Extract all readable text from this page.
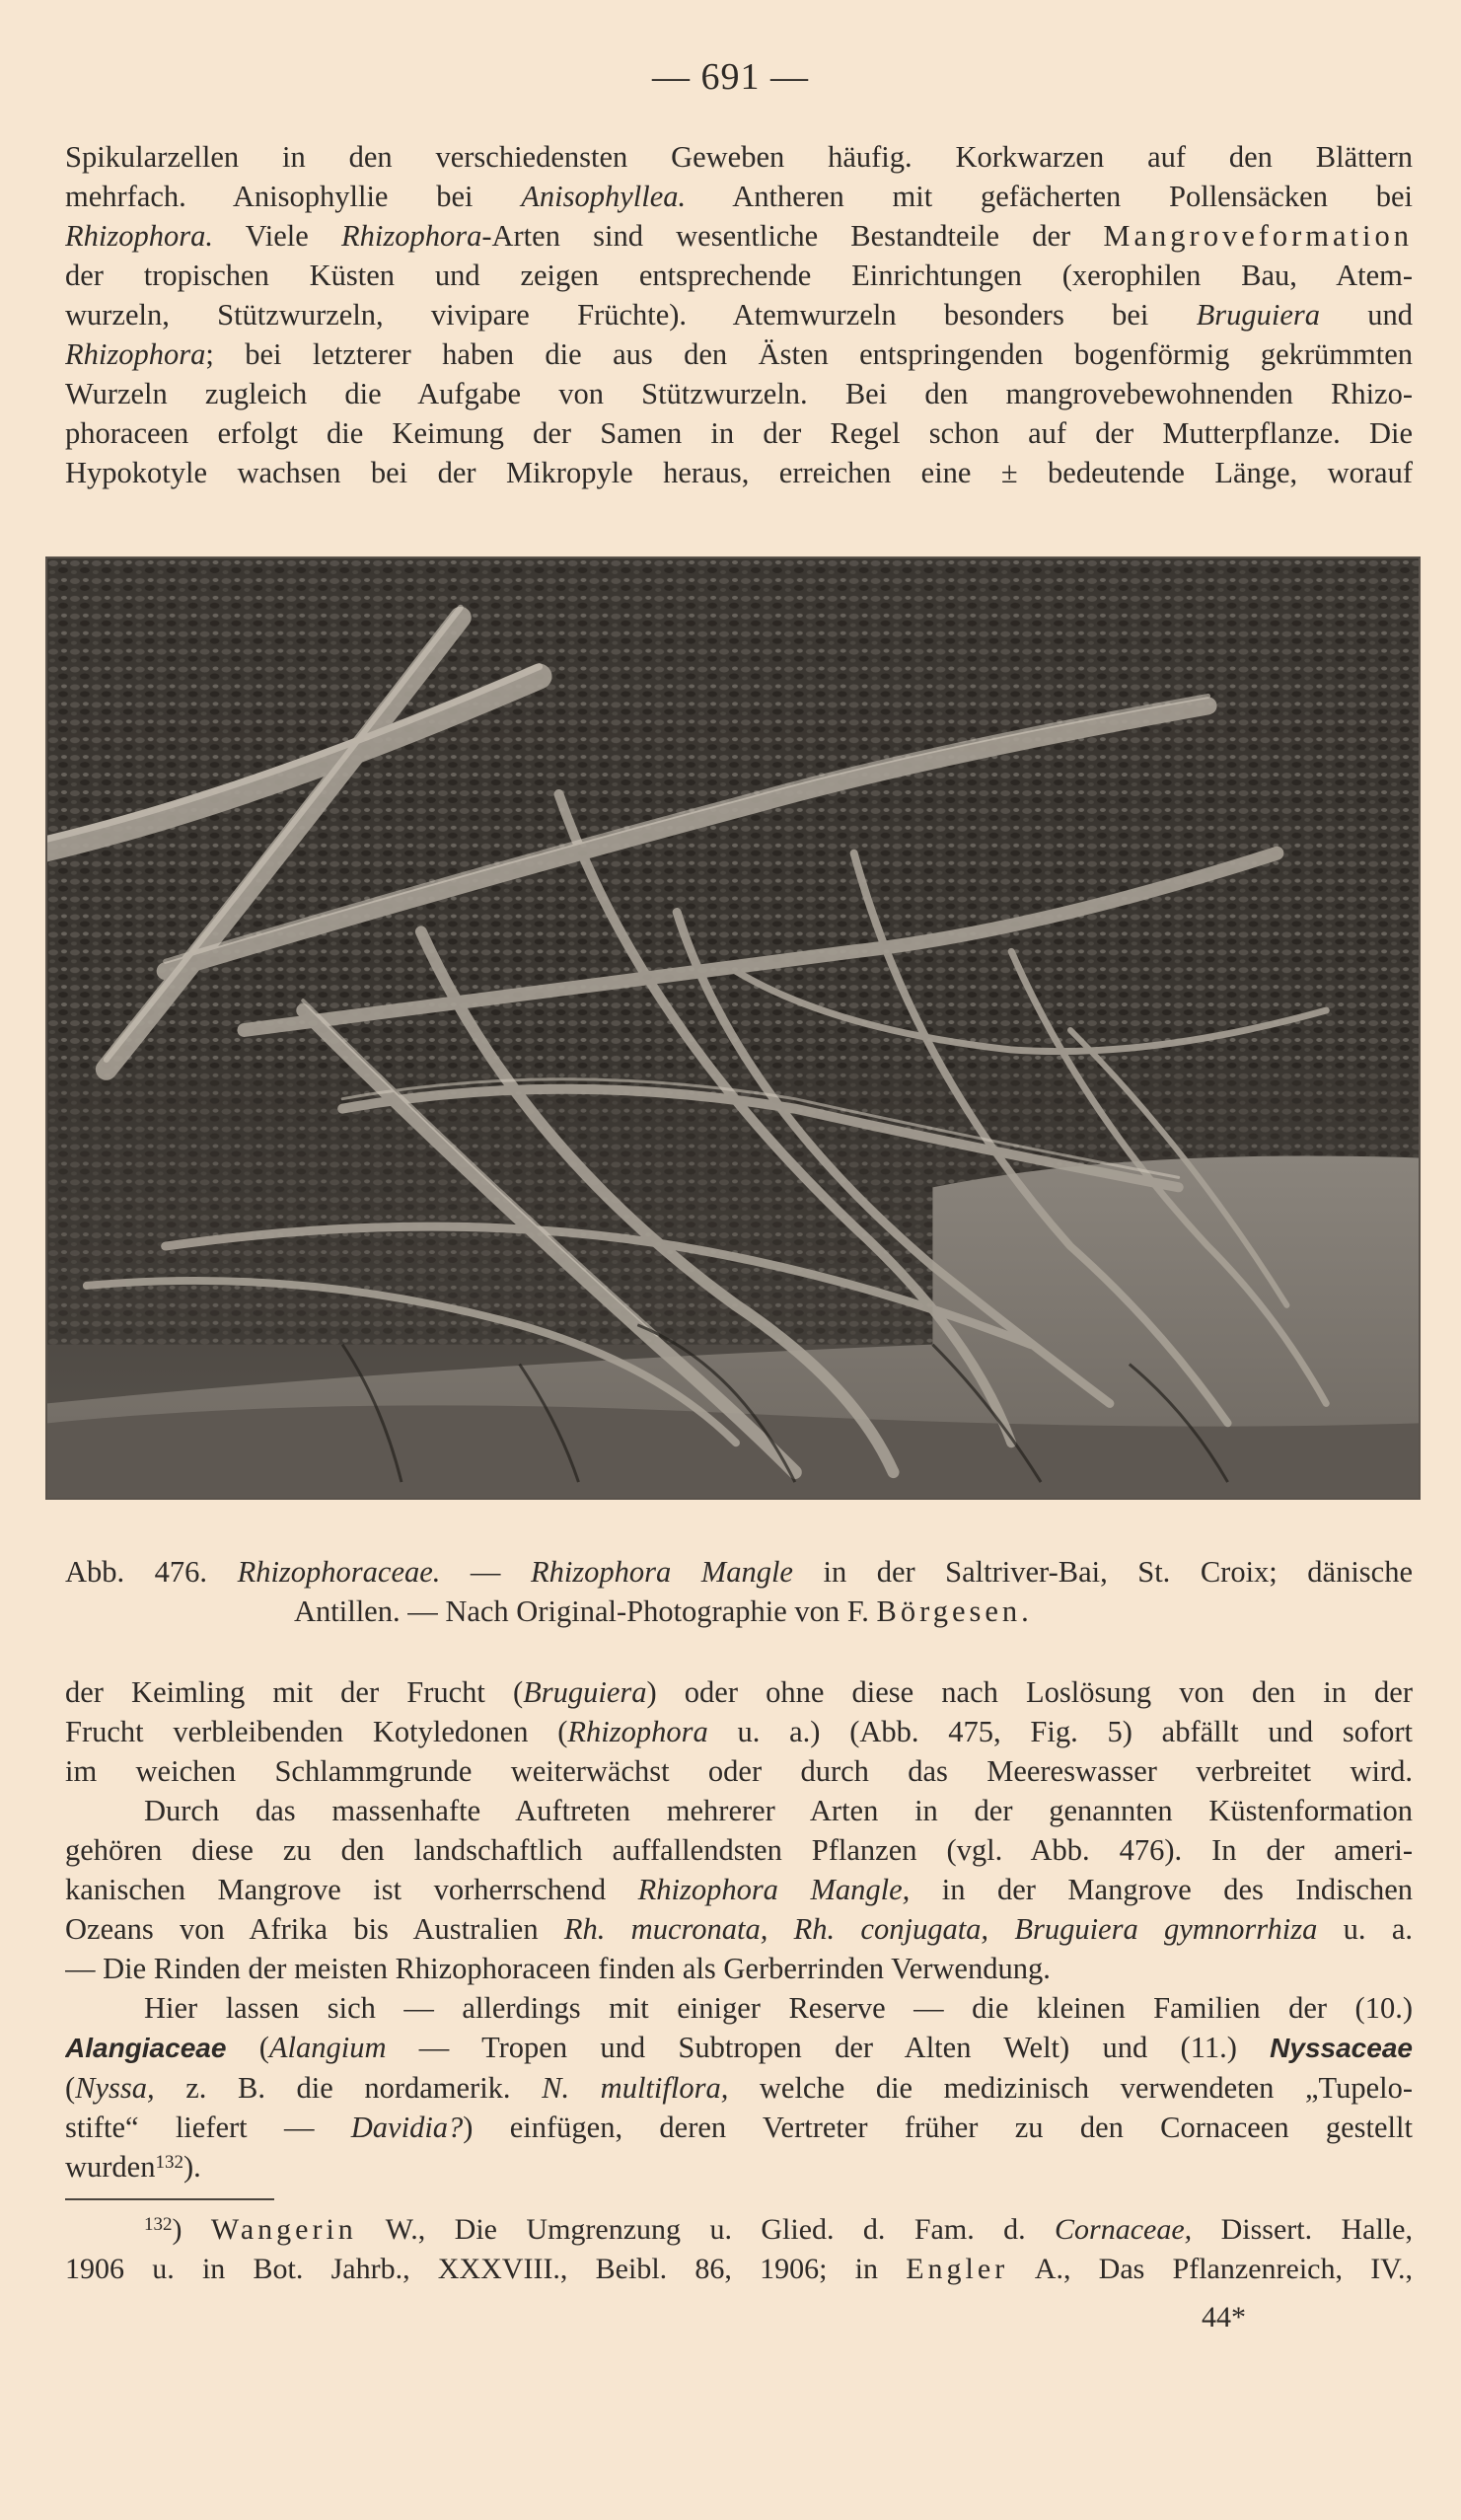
— 691 —
Spikularzellen in den verschiedensten Geweben häufig. Korkwarzen auf den Blättern
mehrfach. Anisophyllie bei Anisophyllea. Antheren mit gefächerten Pollensäcken bei
Rhizophora. Viele Rhizophora-Arten sind wesentliche Bestandteile der Mangroveformation
der tropischen Küsten und zeigen entsprechende Einrichtungen (xerophilen Bau, Atem-
wurzeln, Stützwurzeln, vivipare Früchte). Atemwurzeln besonders bei Bruguiera und
Rhizophora; bei letzterer haben die aus den Ästen entspringenden bogenförmig gekrümmten
Wurzeln zugleich die Aufgabe von Stützwurzeln. Bei den mangrovebewohnenden Rhizo-
phoraceen erfolgt die Keimung der Samen in der Regel schon auf der Mutterpflanze. Die
Hypokotyle wachsen bei der Mikropyle heraus, erreichen eine ± bedeutende Länge, worauf
Abb. 476. Rhizophoraceae. — Rhizophora Mangle in der Saltriver-Bai, St. Croix; dänische
Antillen. — Nach Original-Photographie von F. Börgesen.
der Keimling mit der Frucht (Bruguiera) oder ohne diese nach Loslösung von den in der
Frucht verbleibenden Kotyledonen (Rhizophora u. a.) (Abb. 475, Fig. 5) abfällt und sofort
im weichen Schlammgrunde weiterwächst oder durch das Meereswasser verbreitet wird.
Durch das massenhafte Auftreten mehrerer Arten in der genannten Küstenformation
gehören diese zu den landschaftlich auffallendsten Pflanzen (vgl. Abb. 476). In der ameri-
kanischen Mangrove ist vorherrschend Rhizophora Mangle, in der Mangrove des Indischen
Ozeans von Afrika bis Australien Rh. mucronata, Rh. conjugata, Bruguiera gymnorrhiza u. a.
— Die Rinden der meisten Rhizophoraceen finden als Gerberrinden Verwendung.
Hier lassen sich — allerdings mit einiger Reserve — die kleinen Familien der (10.)
Alangiaceae (Alangium — Tropen und Subtropen der Alten Welt) und (11.) Nyssaceae
(Nyssa, z. B. die nordamerik. N. multiflora, welche die medizinisch verwendeten „Tupelo-
stifte“ liefert — Davidia?) einfügen, deren Vertreter früher zu den Cornaceen gestellt
wurden$^{132}$).
$^{132}$) Wangerin W., Die Umgrenzung u. Glied. d. Fam. d. Cornaceae, Dissert. Halle,
1906 u. in Bot. Jahrb., XXXVIII., Beibl. 86, 1906; in Engler A., Das Pflanzenreich, IV.,
44*
